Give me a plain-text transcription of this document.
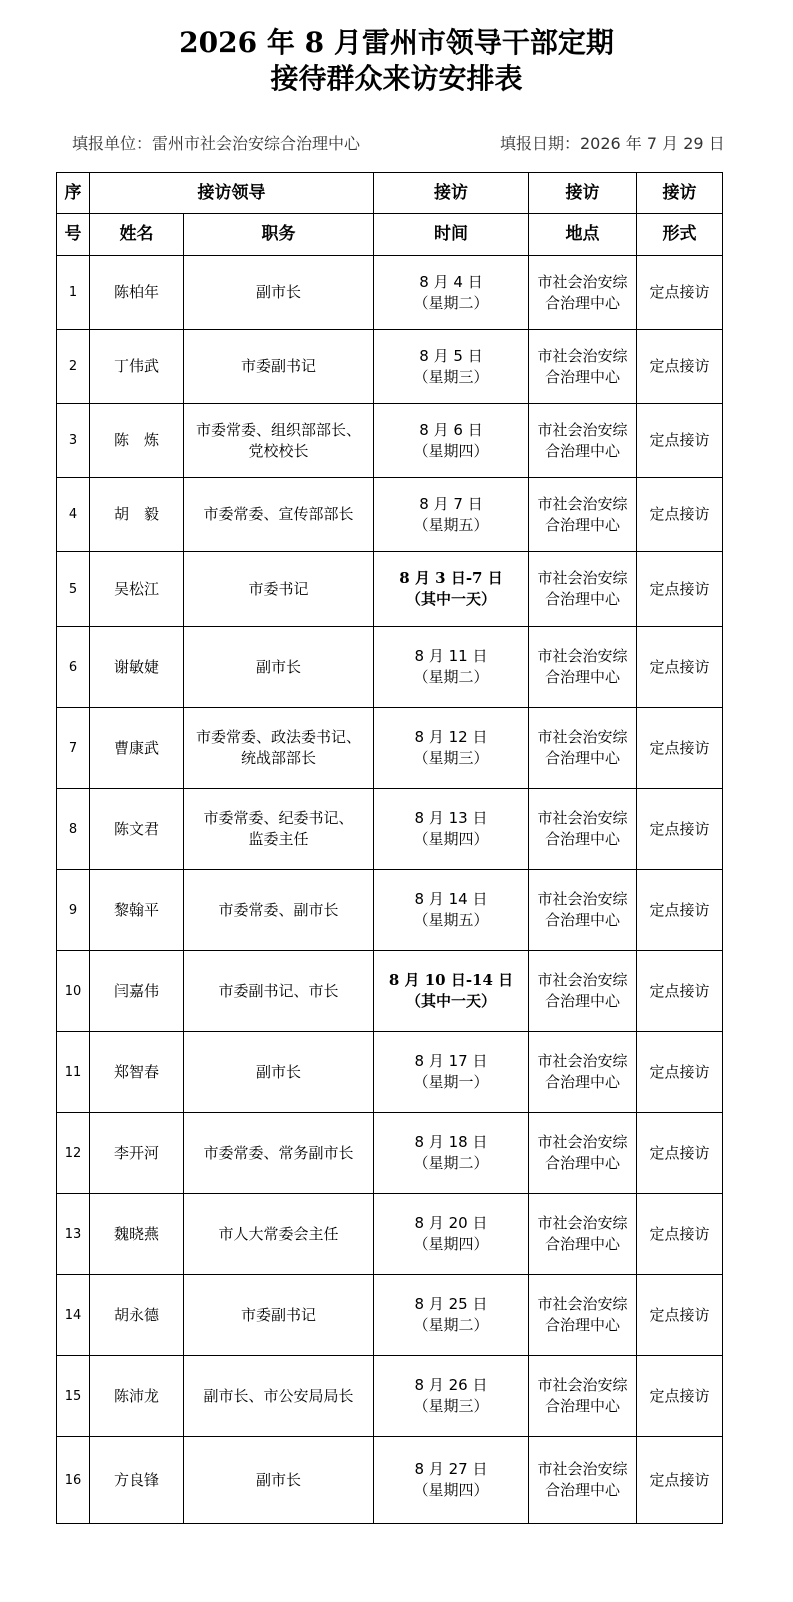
2026 年 8 月雷州市领导干部定期
接待群众来访安排表
填报单位：雷州市社会治安综合治理中心	填报日期：2026 年 7 月 29 日
序	接访领导		接访	接访	接访
号	姓名	职务	时间	地点	形式

1	陈柏年	副市长	8 月 4 日
（星期二）	市社会治安综
合治理中心	定点接访

2	丁伟武	市委副书记	8 月 5 日
（星期三）	市社会治安综
合治理中心	定点接访

3	陈　炼	市委常委、组织部部长、
党校校长	8 月 6 日
（星期四）	市社会治安综
合治理中心	定点接访

4	胡　毅	市委常委、宣传部部长	8 月 7 日
（星期五）	市社会治安综
合治理中心	定点接访

5	吴松江	市委书记	8 月 3 日-7 日
（其中一天）	市社会治安综
合治理中心	定点接访

6	谢敏婕	副市长	8 月 11 日
（星期二）	市社会治安综
合治理中心	定点接访

7	曹康武	市委常委、政法委书记、
统战部部长	8 月 12 日
（星期三）	市社会治安综
合治理中心	定点接访

8	陈文君	市委常委、纪委书记、
监委主任	8 月 13 日
（星期四）	市社会治安综
合治理中心	定点接访

9	黎翰平	市委常委、副市长	8 月 14 日
（星期五）	市社会治安综
合治理中心	定点接访

10	闫嘉伟	市委副书记、市长	8 月 10 日-14 日
（其中一天）	市社会治安综
合治理中心	定点接访

11	郑智春	副市长	8 月 17 日
（星期一）	市社会治安综
合治理中心	定点接访

12	李开河	市委常委、常务副市长	8 月 18 日
（星期二）	市社会治安综
合治理中心	定点接访

13	魏晓燕	市人大常委会主任	8 月 20 日
（星期四）	市社会治安综
合治理中心	定点接访

14	胡永德	市委副书记	8 月 25 日
（星期二）	市社会治安综
合治理中心	定点接访

15	陈沛龙	副市长、市公安局局长	8 月 26 日
（星期三）	市社会治安综
合治理中心	定点接访

16	方良锋	副市长	8 月 27 日
（星期四）	市社会治安综
合治理中心	定点接访
